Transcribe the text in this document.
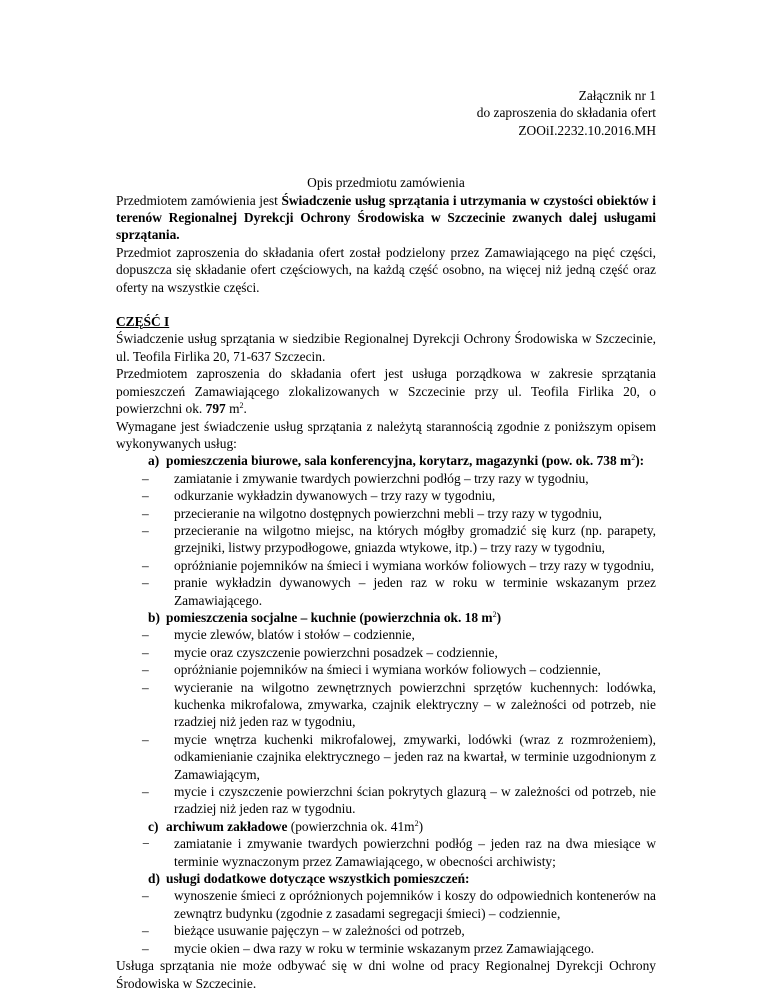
Załącznik nr 1

do zaproszenia do składania ofert

ZOOiI.2232.10.2016.MH

Opis przedmiotu zamówienia

Przedmiotem zamówienia jest Świadczenie usług sprzątania i utrzymania w czystości obiektów i terenów Regionalnej Dyrekcji Ochrony Środowiska w Szczecinie zwanych dalej usługami sprzątania.

Przedmiot zaproszenia do składania ofert został podzielony przez Zamawiającego na pięć części, dopuszcza się składanie ofert częściowych, na każdą część osobno, na więcej niż jedną część oraz oferty na wszystkie części.

CZĘŚĆ I

Świadczenie usług sprzątania w siedzibie Regionalnej Dyrekcji Ochrony Środowiska w Szczecinie, ul. Teofila Firlika 20, 71-637 Szczecin.

Przedmiotem zaproszenia do składania ofert jest usługa porządkowa w zakresie sprzątania pomieszczeń Zamawiającego zlokalizowanych w Szczecinie przy ul. Teofila Firlika 20, o powierzchni ok. 797 $m^2$.

Wymagane jest świadczenie usług sprzątania z należytą starannością zgodnie z poniższym opisem wykonywanych usług:

a) pomieszczenia biurowe, sala konferencyjna, korytarz, magazynki (pow. ok. 738 $m^2$):

– zamiatanie i zmywanie twardych powierzchni podłóg – trzy razy w tygodniu,
– odkurzanie wykładzin dywanowych – trzy razy w tygodniu,
– przecieranie na wilgotno dostępnych powierzchni mebli – trzy razy w tygodniu,
– przecieranie na wilgotno miejsc, na których mógłby gromadzić się kurz (np. parapety, grzejniki, listwy przypodłogowe, gniazda wtykowe, itp.) – trzy razy w tygodniu,
– opróżnianie pojemników na śmieci i wymiana worków foliowych – trzy razy w tygodniu,
– pranie wykładzin dywanowych – jeden raz w roku w terminie wskazanym przez Zamawiającego.

b) pomieszczenia socjalne – kuchnie (powierzchnia ok. 18 $m^2$)

– mycie zlewów, blatów i stołów – codziennie,
– mycie oraz czyszczenie powierzchni posadzek – codziennie,
– opróżnianie pojemników na śmieci i wymiana worków foliowych – codziennie,
– wycieranie na wilgotno zewnętrznych powierzchni sprzętów kuchennych: lodówka, kuchenka mikrofalowa, zmywarka, czajnik elektryczny – w zależności od potrzeb, nie rzadziej niż jeden raz w tygodniu,
– mycie wnętrza kuchenki mikrofalowej, zmywarki, lodówki (wraz z rozmrożeniem), odkamienianie czajnika elektrycznego – jeden raz na kwartał, w terminie uzgodnionym z Zamawiającym,
– mycie i czyszczenie powierzchni ścian pokrytych glazurą – w zależności od potrzeb, nie rzadziej niż jeden raz w tygodniu.

c) archiwum zakładowe (powierzchnia ok. $41m^2$)

− zamiatanie i zmywanie twardych powierzchni podłóg – jeden raz na dwa miesiące w terminie wyznaczonym przez Zamawiającego, w obecności archiwisty;

d) usługi dodatkowe dotyczące wszystkich pomieszczeń:

– wynoszenie śmieci z opróżnionych pojemników i koszy do odpowiednich kontenerów na zewnątrz budynku (zgodnie z zasadami segregacji śmieci) – codziennie,
– bieżące usuwanie pajęczyn – w zależności od potrzeb,
– mycie okien – dwa razy w roku w terminie wskazanym przez Zamawiającego.

Usługa sprzątania nie może odbywać się w dni wolne od pracy Regionalnej Dyrekcji Ochrony Środowiska w Szczecinie.
